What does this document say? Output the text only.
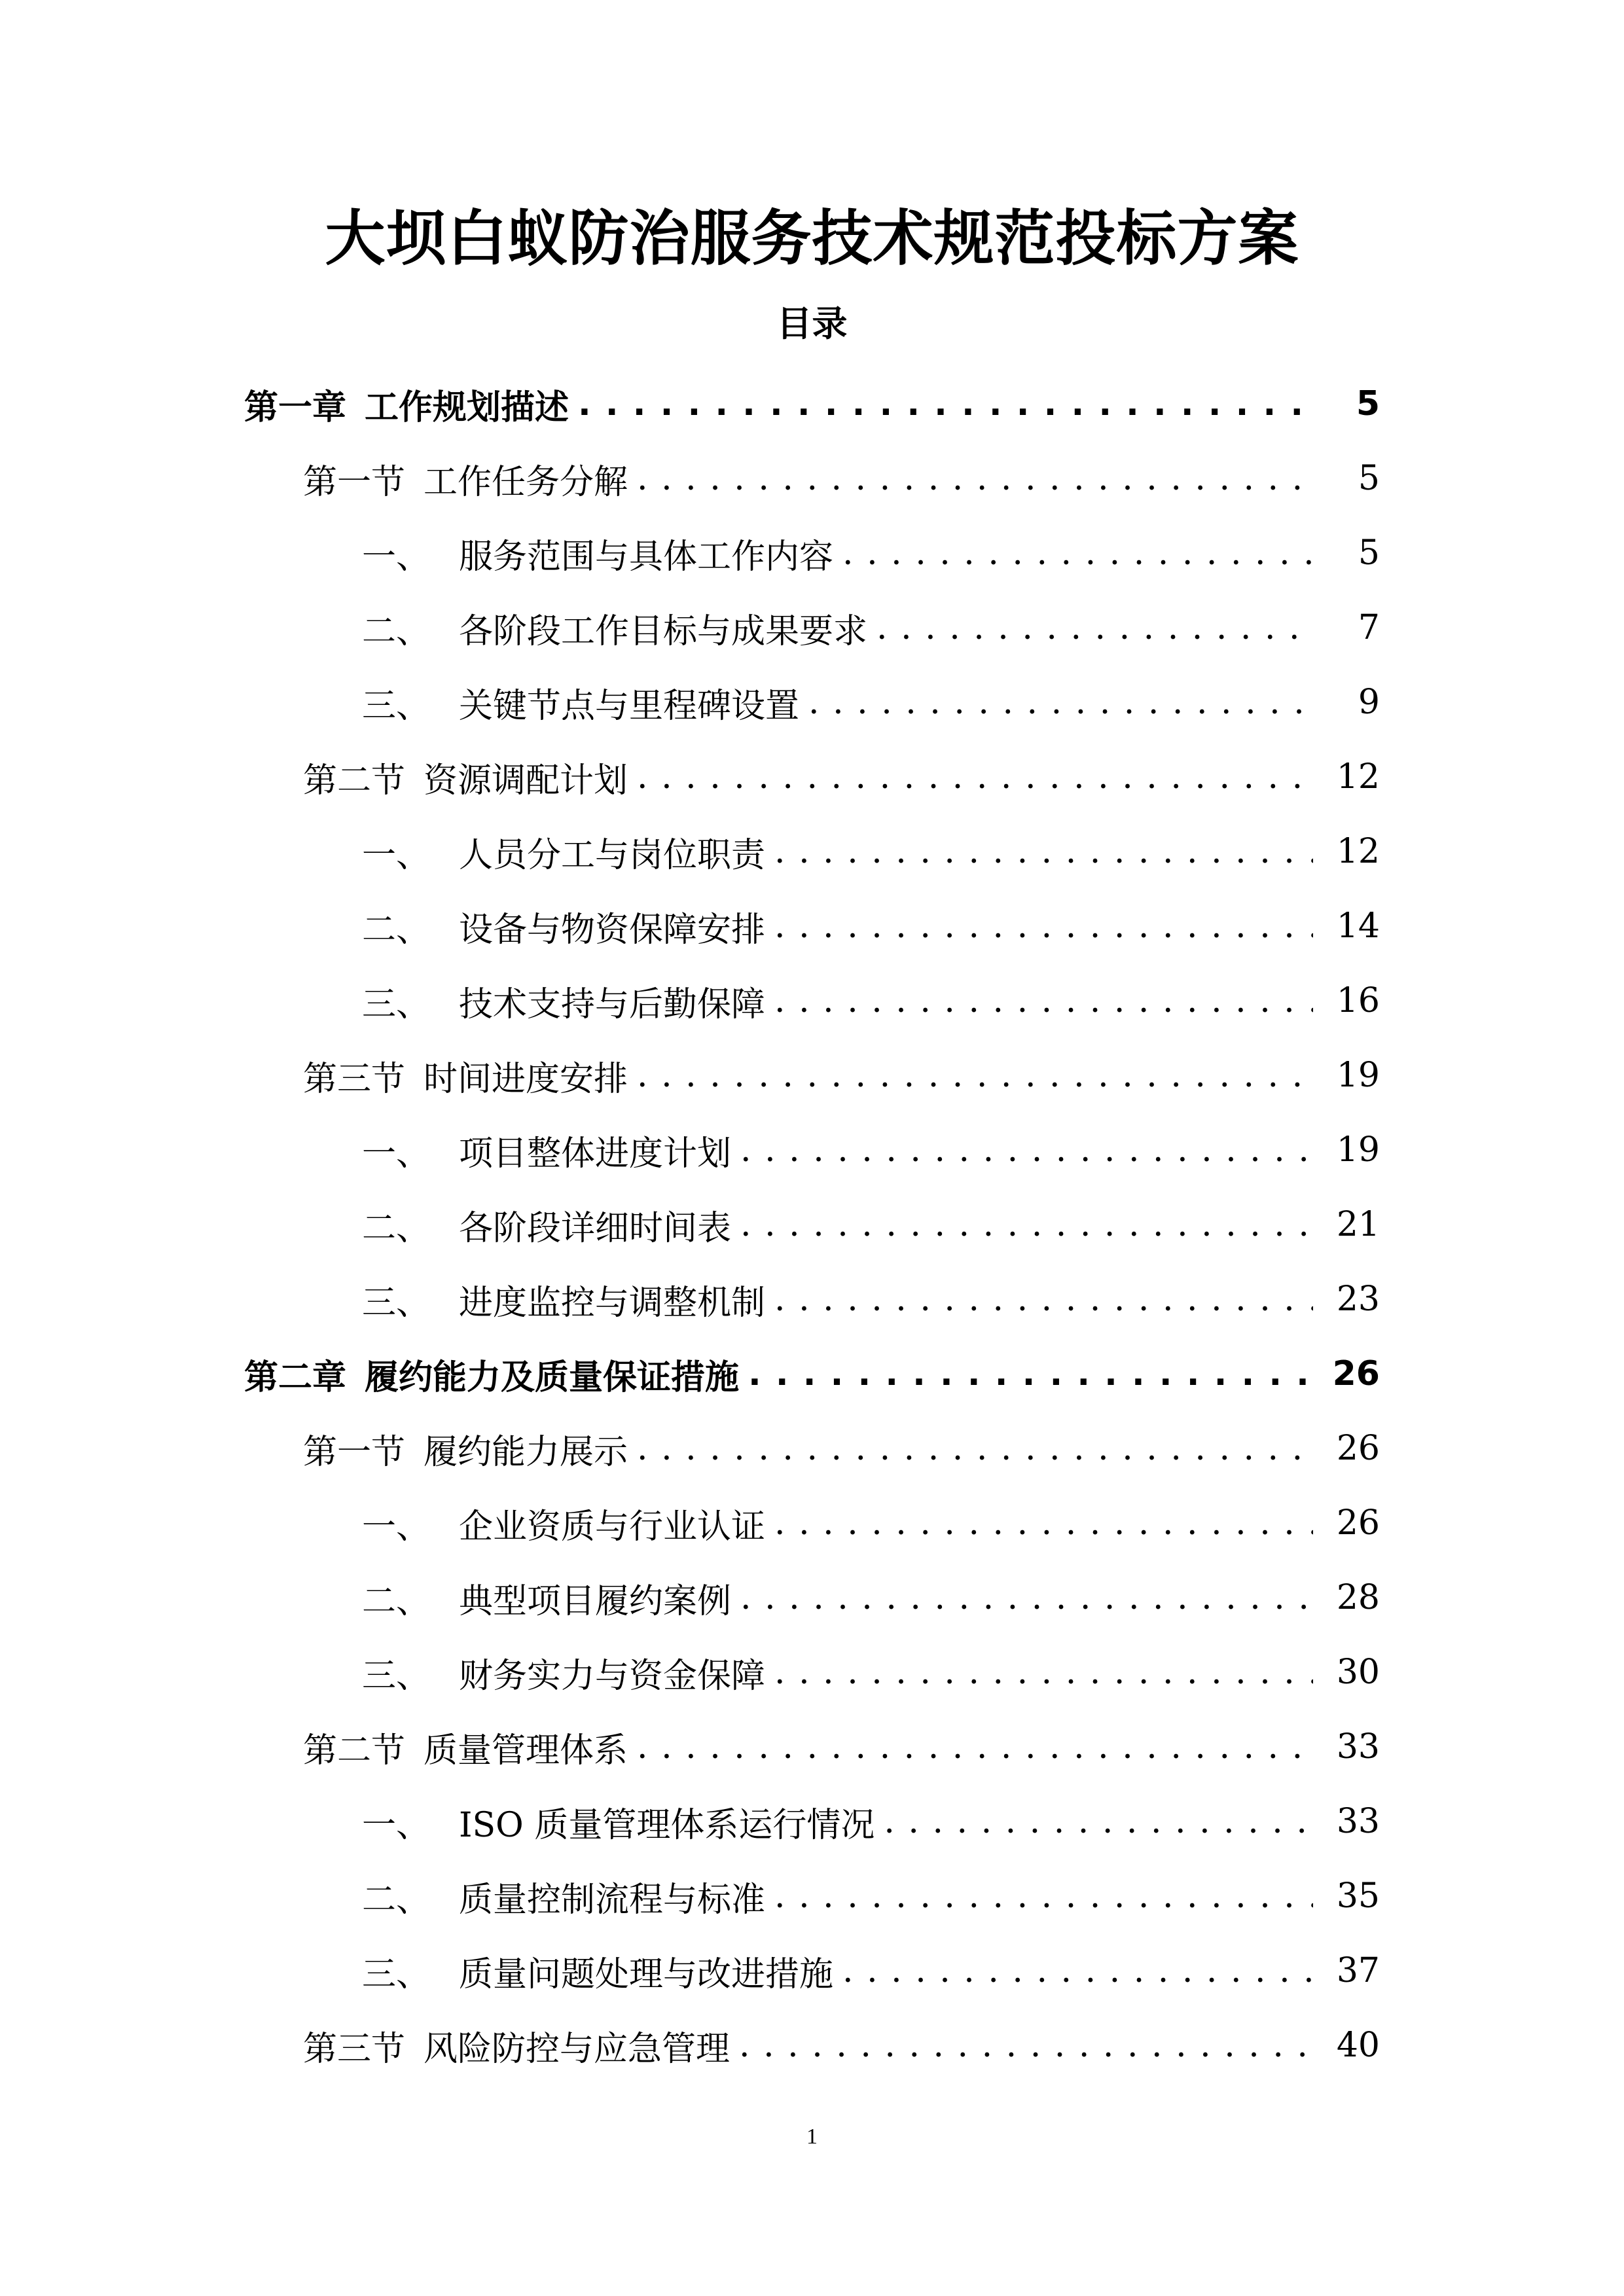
大坝白蚁防治服务技术规范投标方案
目录
第一章 工作规划描述 . . .	5
第一节 工作任务分解 . . .	5
一、 服务范围与具体工作内容 . . .	5
二、 各阶段工作目标与成果要求 . . .	7
三、 关键节点与里程碑设置 . . .	9
第二节 资源调配计划 . . .	12
一、 人员分工与岗位职责 . . .	12
二、 设备与物资保障安排 . . .	14
三、 技术支持与后勤保障 . . .	16
第三节 时间进度安排 . . .	19
一、 项目整体进度计划 . . .	19
二、 各阶段详细时间表 . . .	21
三、 进度监控与调整机制 . . .	23
第二章 履约能力及质量保证措施 . . .	26
第一节 履约能力展示 . . .	26
一、 企业资质与行业认证 . . .	26
二、 典型项目履约案例 . . .	28
三、 财务实力与资金保障 . . .	30
第二节 质量管理体系 . . .	33
一、 ISO 质量管理体系运行情况 . . .	33
二、 质量控制流程与标准 . . .	35
三、 质量问题处理与改进措施 . . .	37
第三节 风险防控与应急管理 . . .	40
1
